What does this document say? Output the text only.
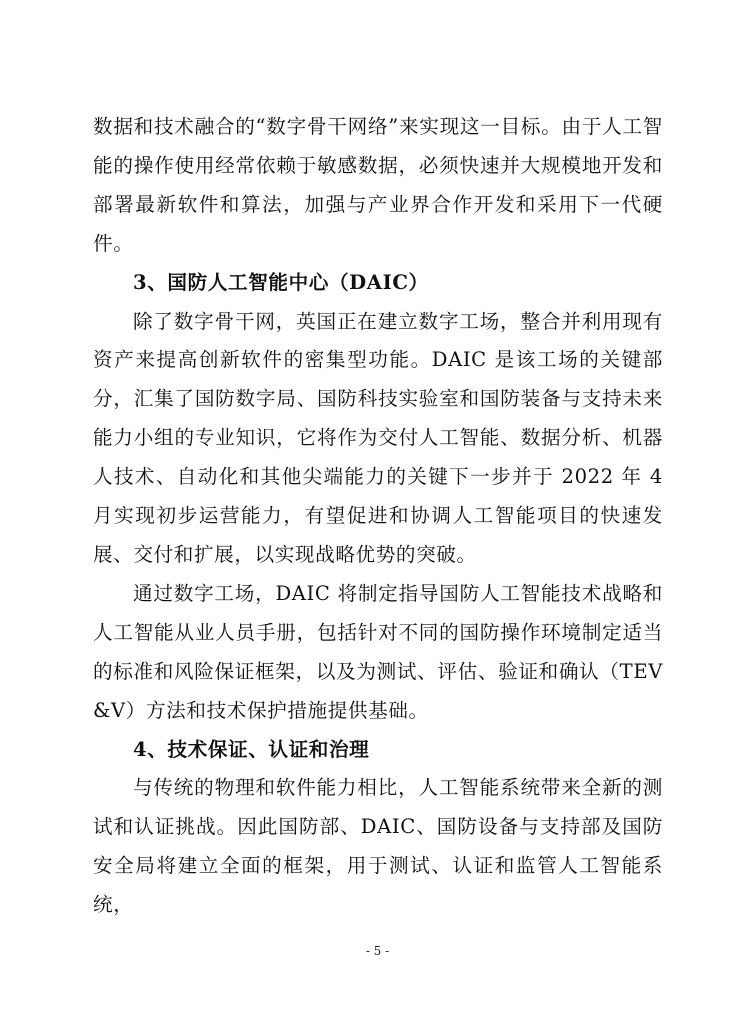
数据和技术融合的“数字骨干网络”来实现这一目标。由于人工智能的操作使用经常依赖于敏感数据，必须快速并大规模地开发和部署最新软件和算法，加强与产业界合作开发和采用下一代硬件。

3、国防人工智能中心（DAIC）

除了数字骨干网，英国正在建立数字工场，整合并利用现有资产来提高创新软件的密集型功能。DAIC 是该工场的关键部分，汇集了国防数字局、国防科技实验室和国防装备与支持未来能力小组的专业知识，它将作为交付人工智能、数据分析、机器人技术、自动化和其他尖端能力的关键下一步并于 2022 年 4 月实现初步运营能力，有望促进和协调人工智能项目的快速发展、交付和扩展，以实现战略优势的突破。

通过数字工场，DAIC 将制定指导国防人工智能技术战略和人工智能从业人员手册，包括针对不同的国防操作环境制定适当的标准和风险保证框架，以及为测试、评估、验证和确认（TEV&V）方法和技术保护措施提供基础。

4、技术保证、认证和治理

与传统的物理和软件能力相比，人工智能系统带来全新的测试和认证挑战。因此国防部、DAIC、国防设备与支持部及国防安全局将建立全面的框架，用于测试、认证和监管人工智能系统，

- 5 -
